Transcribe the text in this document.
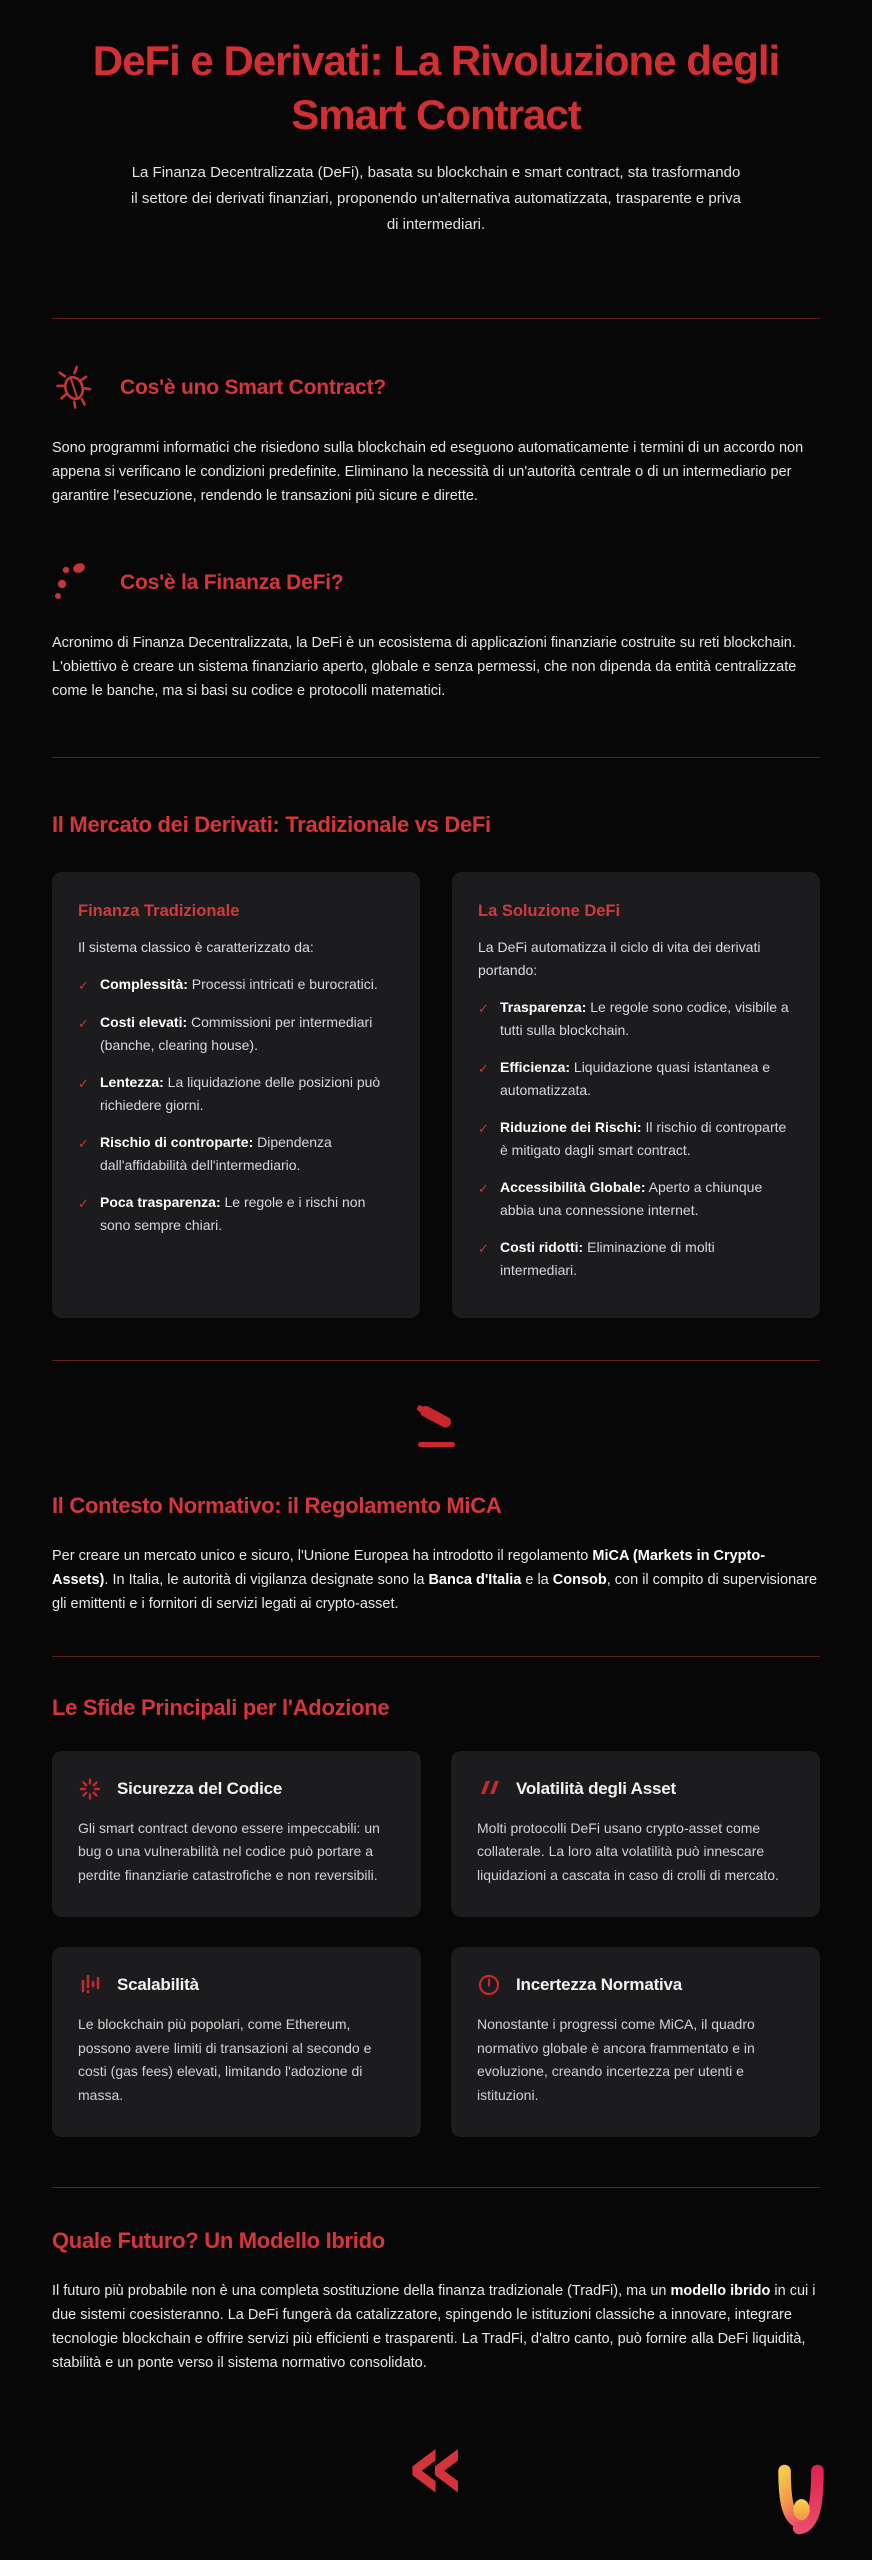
DeFi e Derivati: La Rivoluzione degli Smart Contract

La Finanza Decentralizzata (DeFi), basata su blockchain e smart contract, sta trasformando il settore dei derivati finanziari, proponendo un'alternativa automatizzata, trasparente e priva di intermediari.

Cos'è uno Smart Contract?

Sono programmi informatici che risiedono sulla blockchain ed eseguono automaticamente i termini di un accordo non appena si verificano le condizioni predefinite. Eliminano la necessità di un'autorità centrale o di un intermediario per garantire l'esecuzione, rendendo le transazioni più sicure e dirette.

Cos'è la Finanza DeFi?

Acronimo di Finanza Decentralizzata, la DeFi è un ecosistema di applicazioni finanziarie costruite su reti blockchain. L'obiettivo è creare un sistema finanziario aperto, globale e senza permessi, che non dipenda da entità centralizzate come le banche, ma si basi su codice e protocolli matematici.

Il Mercato dei Derivati: Tradizionale vs DeFi
Finanza Tradizionale

Il sistema classico è caratterizzato da:

✓ Complessità: Processi intricati e burocratici.
✓ Costi elevati: Commissioni per intermediari (banche, clearing house).
✓ Lentezza: La liquidazione delle posizioni può richiedere giorni.
✓ Rischio di controparte: Dipendenza dall'affidabilità dell'intermediario.
✓ Poca trasparenza: Le regole e i rischi non sono sempre chiari.
La Soluzione DeFi

La DeFi automatizza il ciclo di vita dei derivati portando:

✓ Trasparenza: Le regole sono codice, visibile a tutti sulla blockchain.
✓ Efficienza: Liquidazione quasi istantanea e automatizzata.
✓ Riduzione dei Rischi: Il rischio di controparte è mitigato dagli smart contract.
✓ Accessibilità Globale: Aperto a chiunque abbia una connessione internet.
✓ Costi ridotti: Eliminazione di molti intermediari.
Il Contesto Normativo: il Regolamento MiCA

Per creare un mercato unico e sicuro, l'Unione Europea ha introdotto il regolamento MiCA (Markets in Crypto-Assets). In Italia, le autorità di vigilanza designate sono la Banca d'Italia e la Consob, con il compito di supervisionare gli emittenti e i fornitori di servizi legati ai crypto-asset.

Le Sfide Principali per l'Adozione
Sicurezza del Codice

Gli smart contract devono essere impeccabili: un bug o una vulnerabilità nel codice può portare a perdite finanziarie catastrofiche e non reversibili.

Volatilità degli Asset

Molti protocolli DeFi usano crypto-asset come collaterale. La loro alta volatilità può innescare liquidazioni a cascata in caso di crolli di mercato.

Scalabilità

Le blockchain più popolari, come Ethereum, possono avere limiti di transazioni al secondo e costi (gas fees) elevati, limitando l'adozione di massa.

Incertezza Normativa

Nonostante i progressi come MiCA, il quadro normativo globale è ancora frammentato e in evoluzione, creando incertezza per utenti e istituzioni.

Quale Futuro? Un Modello Ibrido

Il futuro più probabile non è una completa sostituzione della finanza tradizionale (TradFi), ma un modello ibrido in cui i due sistemi coesisteranno. La DeFi fungerà da catalizzatore, spingendo le istituzioni classiche a innovare, integrare tecnologie blockchain e offrire servizi più efficienti e trasparenti. La TradFi, d'altro canto, può fornire alla DeFi liquidità, stabilità e un ponte verso il sistema normativo consolidato.

«
